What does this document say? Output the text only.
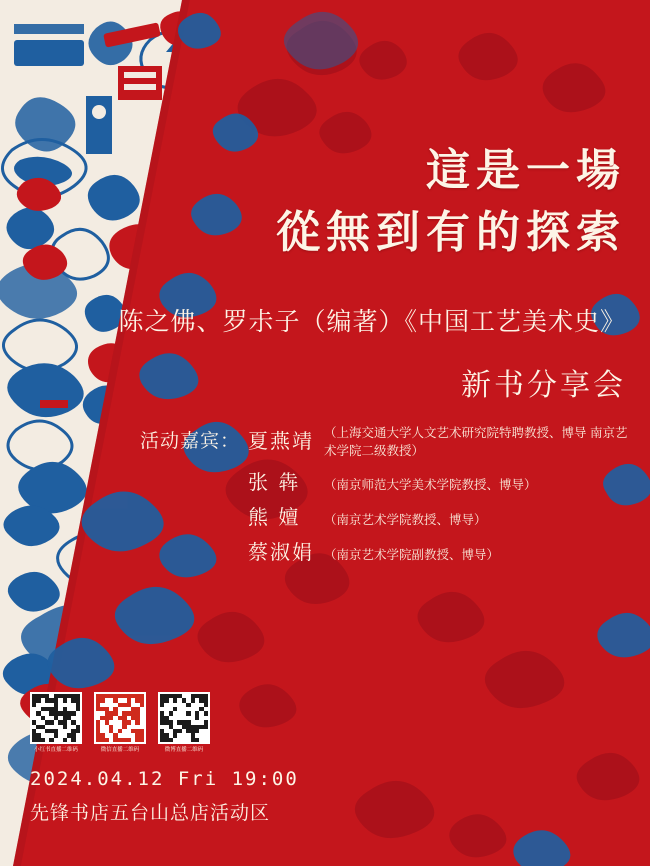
這是一場
從無到有的探索
陈之佛、罗尗子（编著）《中国工艺美术史》
新书分享会
活动嘉宾： 夏燕靖 （上海交通大学人文艺术研究院特聘教授、博导 南京艺术学院二级教授）
张 犇	（南京师范大学美术学院教授、博导）
熊 嬗	（南京艺术学院教授、博导）
蔡淑娟 （南京艺术学院副教授、博导）
小红书直播二维码	微信直播二维码	微博直播二维码
2024.04.12 Fri 19:00
先锋书店五台山总店活动区
